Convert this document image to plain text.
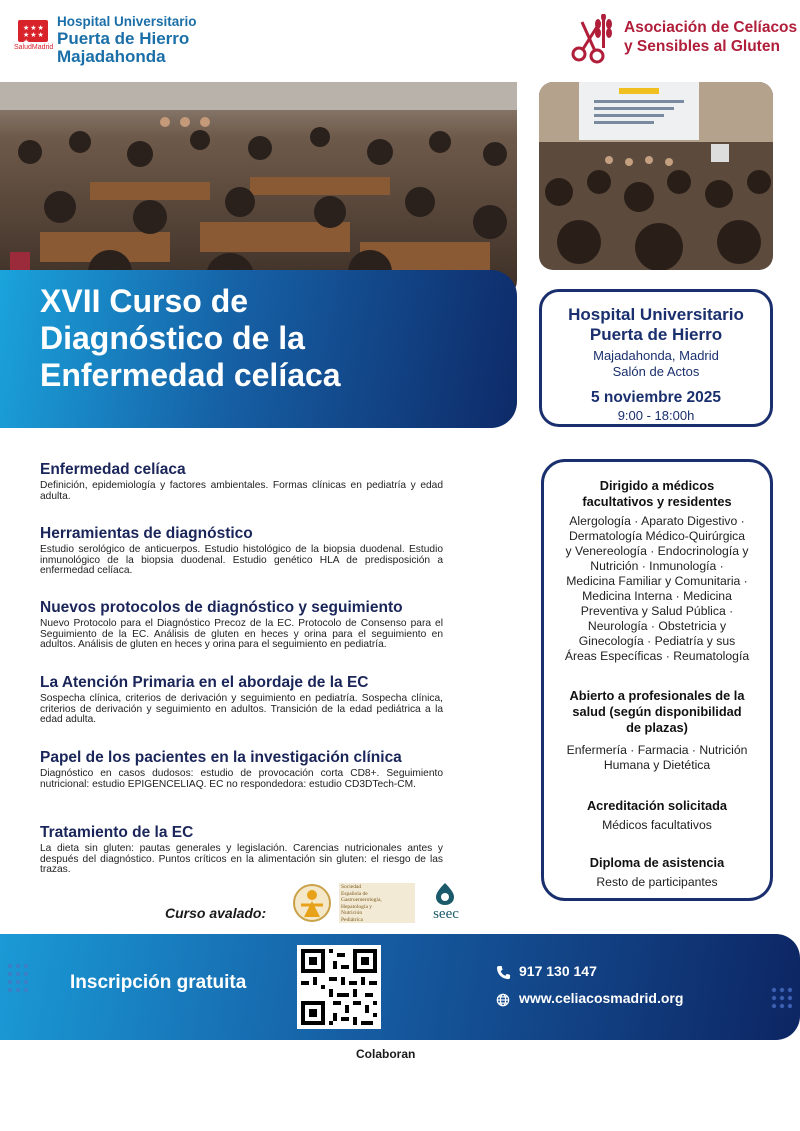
★★★
★★★
★
SaludMadrid
Hospital Universitario
Puerta de Hierro
Majadahonda
Asociación de Celíacos
y Sensibles al Gluten
XVII Curso de
Diagnóstico de la
Enfermedad celíaca
Hospital Universitario
Puerta de Hierro
Majadahonda, Madrid
Salón de Actos
5 noviembre 2025
9:00 - 18:00h
Enfermedad celíaca

Definición, epidemiología y factores ambientales. Formas clínicas en pediatría y edad adulta.

Herramientas de diagnóstico

Estudio serológico de anticuerpos. Estudio histológico de la biopsia duodenal. Estudio inmunológico de la biopsia duodenal. Estudio genético HLA de predisposición a enfermedad celíaca.

Nuevos protocolos de diagnóstico y seguimiento

Nuevo Protocolo para el Diagnóstico Precoz de la EC. Protocolo de Consenso para el Seguimiento de la EC. Análisis de gluten en heces y orina para el seguimiento en adultos. Análisis de gluten en heces y orina para el seguimiento en pediatría.

La Atención Primaria en el abordaje de la EC

Sospecha clínica, criterios de derivación y seguimiento en pediatría. Sospecha clínica, criterios de derivación y seguimiento en adultos. Transición de la edad pediátrica a la edad adulta.

Papel de los pacientes en la investigación clínica

Diagnóstico en casos dudosos: estudio de provocación corta CD8+. Seguimiento nutricional: estudio EPIGENCELIAQ. EC no respondedora: estudio CD3DTech-CM.

Tratamiento de la EC

La dieta sin gluten: pautas generales y legislación. Carencias nutricionales antes y después del diagnóstico. Puntos críticos en la alimentación sin gluten: el riesgo de las trazas.

Dirigido a médicos
facultativos y residentes
Alergología · Aparato Digestivo ·
Dermatología Médico-Quirúrgica
y Venereología · Endocrinología y
Nutrición · Inmunología ·
Medicina Familiar y Comunitaria ·
Medicina Interna · Medicina
Preventiva y Salud Pública ·
Neurología · Obstetricia y
Ginecología · Pediatría y sus
Áreas Específicas · Reumatología
Abierto a profesionales de la
salud (según disponibilidad
de plazas)
Enfermería · Farmacia · Nutrición
Humana y Dietética
Acreditación solicitada
Médicos facultativos
Diploma de asistencia
Resto de participantes
Curso avalado:
Sociedad
Española de
Gastroenterología,
Hepatología y
Nutrición
Pediátrica	seec
Inscripción gratuita
917 130 147
www.celiacosmadrid.org
Colaboran
